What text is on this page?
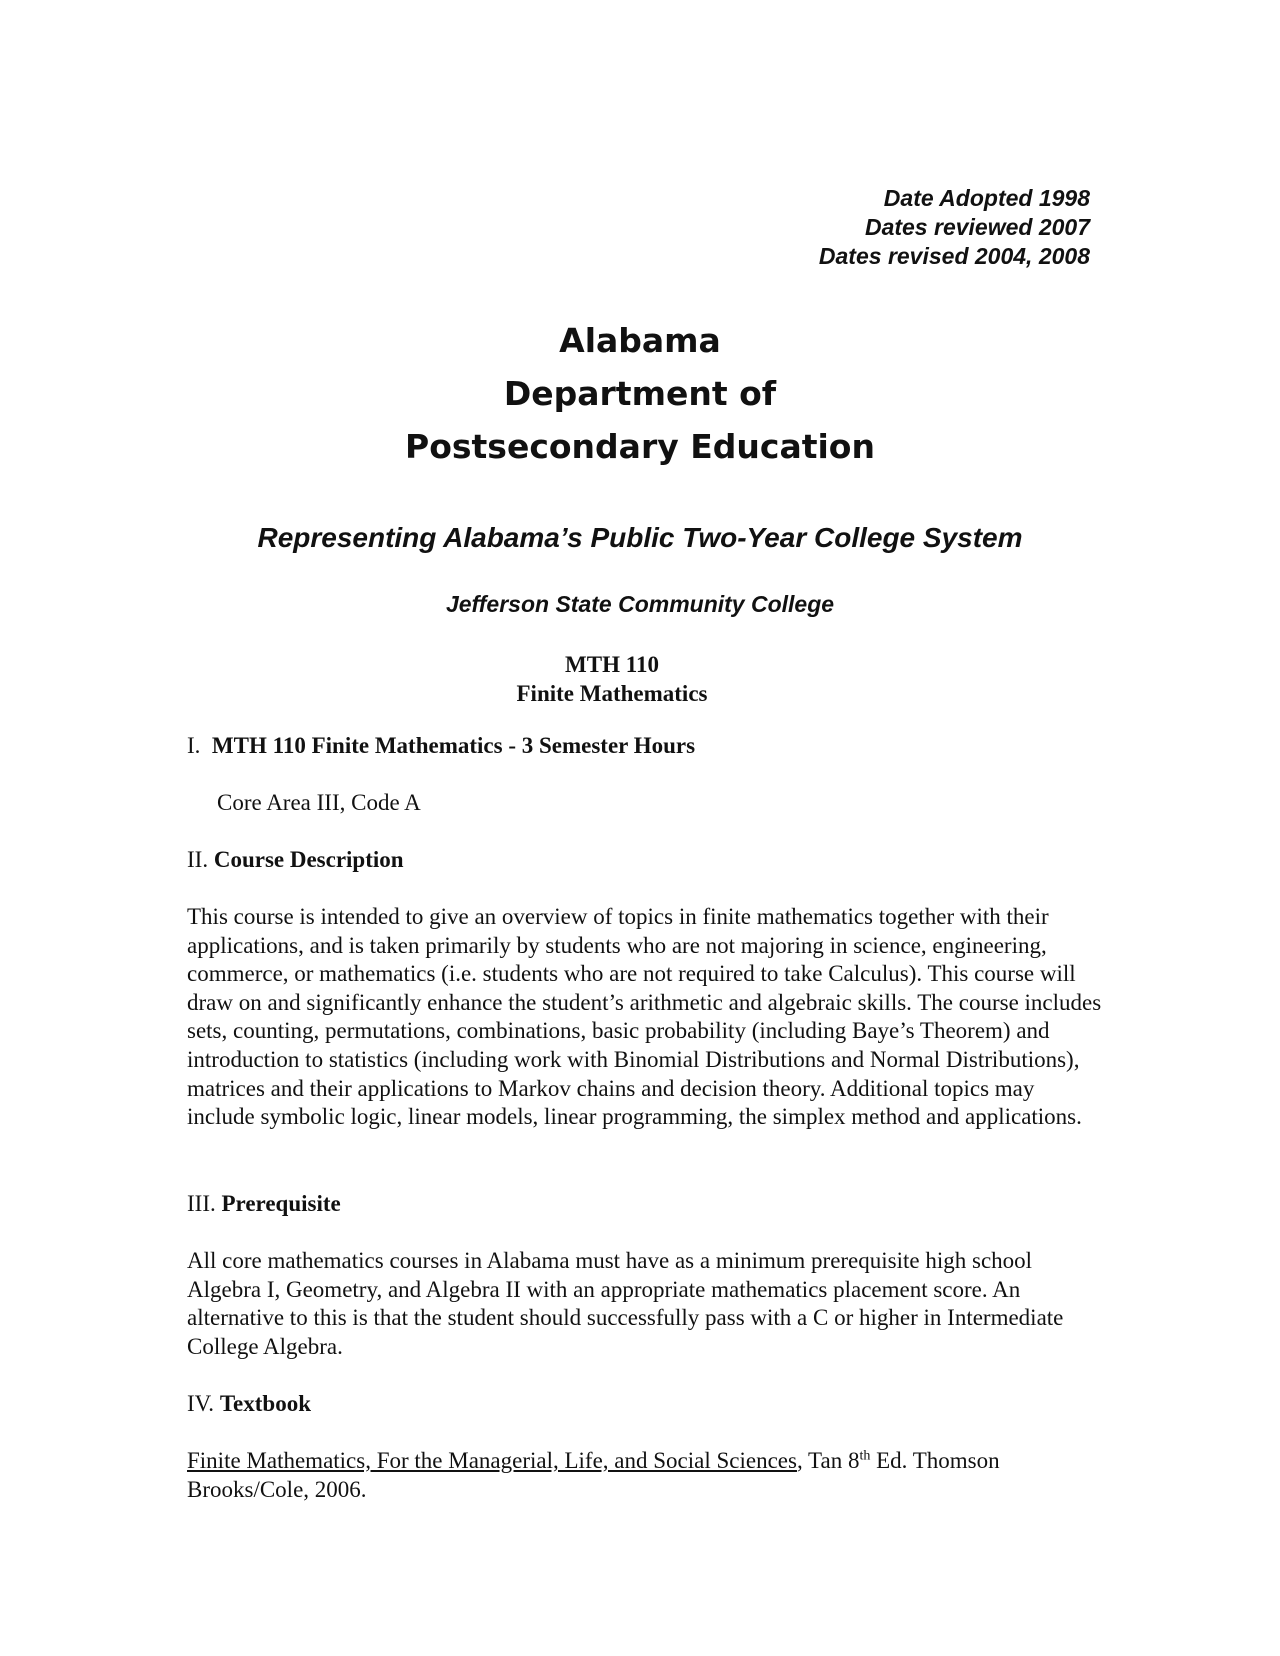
Date Adopted 1998
Dates reviewed 2007
Dates revised 2004, 2008
Alabama
Department of
Postsecondary Education
Representing Alabama’s Public Two-Year College System
Jefferson State Community College
MTH 110
Finite Mathematics
I. MTH 110 Finite Mathematics - 3 Semester Hours
Core Area III, Code A
II. Course Description

This course is intended to give an overview of topics in finite mathematics together with their applications, and is taken primarily by students who are not majoring in science, engineering, commerce, or mathematics (i.e. students who are not required to take Calculus). This course will draw on and significantly enhance the student’s arithmetic and algebraic skills. The course includes sets, counting, permutations, combinations, basic probability (including Baye’s Theorem) and introduction to statistics (including work with Binomial Distributions and Normal Distributions), matrices and their applications to Markov chains and decision theory. Additional topics may include symbolic logic, linear models, linear programming, the simplex method and applications.

III. Prerequisite

All core mathematics courses in Alabama must have as a minimum prerequisite high school Algebra I, Geometry, and Algebra II with an appropriate mathematics placement score. An alternative to this is that the student should successfully pass with a C or higher in Intermediate College Algebra.

IV. Textbook

Finite Mathematics, For the Managerial, Life, and Social Sciences, Tan 8th Ed. Thomson Brooks/Cole, 2006.
